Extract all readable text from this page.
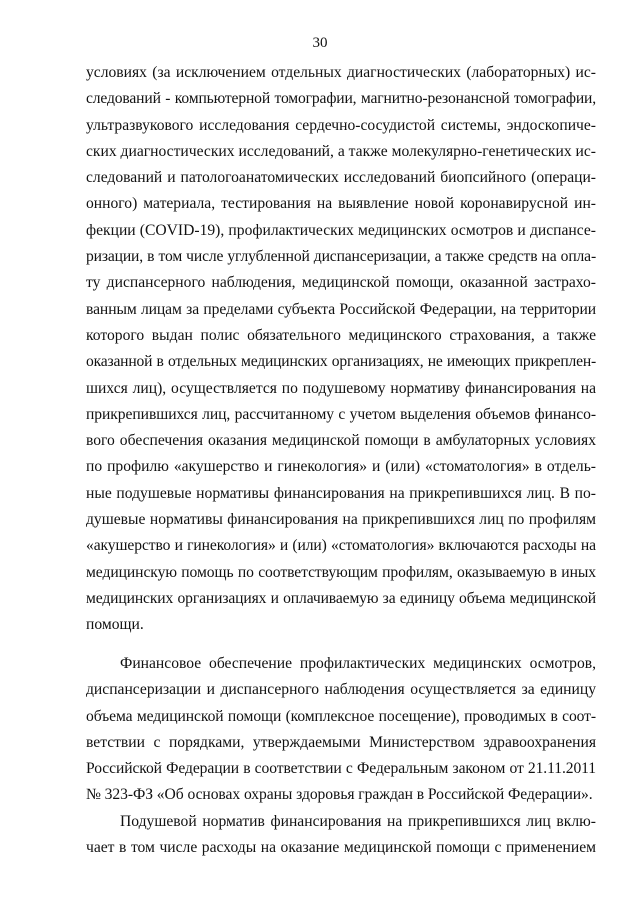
30
условиях (за исключением отдельных диагностических (лабораторных) ис-
следований - компьютерной томографии, магнитно-резонансной томографии,
ультразвукового исследования сердечно-сосудистой системы, эндоскопиче-
ских диагностических исследований, а также молекулярно-генетических ис-
следований и патологоанатомических исследований биопсийного (операци-
онного) материала, тестирования на выявление новой коронавирусной ин-
фекции (COVID-19), профилактических медицинских осмотров и диспансе-
ризации, в том числе углубленной диспансеризации, а также средств на опла-
ту диспансерного наблюдения, медицинской помощи, оказанной застрахо-
ванным лицам за пределами субъекта Российской Федерации, на территории
которого выдан полис обязательного медицинского страхования, а также
оказанной в отдельных медицинских организациях, не имеющих прикреплен-
шихся лиц), осуществляется по подушевому нормативу финансирования на
прикрепившихся лиц, рассчитанному с учетом выделения объемов финансо-
вого обеспечения оказания медицинской помощи в амбулаторных условиях
по профилю «акушерство и гинекология» и (или) «стоматология» в отдель-
ные подушевые нормативы финансирования на прикрепившихся лиц. В по-
душевые нормативы финансирования на прикрепившихся лиц по профилям
«акушерство и гинекология» и (или) «стоматология» включаются расходы на
медицинскую помощь по соответствующим профилям, оказываемую в иных
медицинских организациях и оплачиваемую за единицу объема медицинской
помощи.
Финансовое обеспечение профилактических медицинских осмотров,
диспансеризации и диспансерного наблюдения осуществляется за единицу
объема медицинской помощи (комплексное посещение), проводимых в соот-
ветствии с порядками, утверждаемыми Министерством здравоохранения
Российской Федерации в соответствии с Федеральным законом от 21.11.2011
№ 323-ФЗ «Об основах охраны здоровья граждан в Российской Федерации».
Подушевой норматив финансирования на прикрепившихся лиц вклю-
чает в том числе расходы на оказание медицинской помощи с применением
